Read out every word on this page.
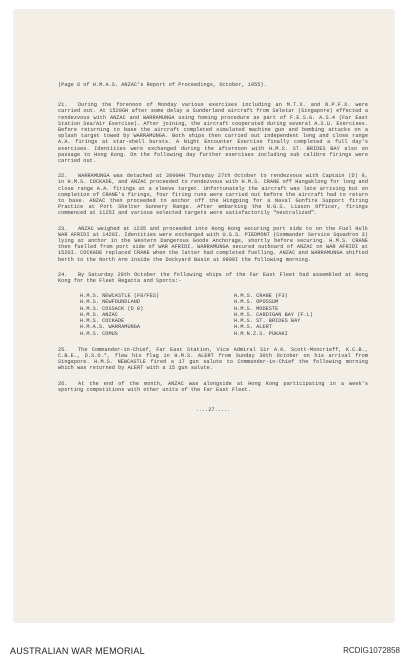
(Page 6 of H.M.A.S. ANZAC's Report of Proceedings, October, 1955).
21. During the forenoon of Monday various exercises including an M.T.X. and N.P.F.X. were carried out. At 1520GH after some delay a Sunderland aircraft from Seletar (Singapore) effected a rendezvous with ANZAC and WARRAMUNGA using homing procedure as part of F.E.S.G. A.S.4 (Far East Station Sea/Air Exercise). After joining, the aircraft cooperated during several A.S.U. Exercises. Before returning to base the aircraft completed simulated machine gun and bombing attacks on a splash target towed by WARRAMUNGA. Both ships then carried out independent long and close range A.A. firings at star-shell bursts. A Night Encounter Exercise finally completed a full day's exercises. Identities were exchanged during the afternoon with H.M.S. ST. BRIDES BAY also on passage to Hong Kong. On the following day further exercises including sub calibre firings were carried out.
22. WARRAMUNGA was detached at 2000HH Thursday 27th October to rendezvous with Captain (D) 8, in H.M.S. COCKADE, and ANZAC proceeded to rendezvous with H.M.S. CRANE off Hangaklong for long and close range A.A. firings at a sleeve target. Unfortunately the aircraft was late arriving but on completion of CRANE's firings, four firing runs were carried out before the aircraft had to return to base. ANZAC then proceeded to anchor off the Hingping for a Naval Gunfire Support firing Practice at Port Shelter Gunnery Range. After embarking the N.G.S. Liason Officer, firings commenced at 1125I and various selected targets were satisfactorily "neutralized".
23. ANZAC weighed at 1235 and proceeded into Hong Kong securing port side to on the Fuel Hulk WAR AFRIDI at 1420I. Identities were exchanged with U.S.S. PIEDMONT (Commander Service Squadron 3) lying at anchor in the Western Dangerous Goods Anchorage, shortly before securing. H.M.S. CRANE then fuelled from port side of WAR AFRIDI. WARRAMUNGA secured outboard of ANZAC on WAR AFRIDI at 1520I. COCKADE replaced CRANE when the latter had completed fuelling. ANZAC and WARRAMUNGA shifted berth to the North Arm inside the Dockyard Basin at 0800I the following morning.
24. By Saturday 29th October the following ships of the Far East Fleet had assembled at Hong Kong for the Fleet Regatta and Sports:-
H.M.S. NEWCASTLE (F8/FES)
H.M.S. NEWFOUNDLAND
H.M.S. COSSACK (D 8)
H.M.S. ANZAC
H.M.S. COCKADE
H.M.A.S. WARRAMUNGA
H.M.S. COMUS
H.M.S. CRANE (F3)
H.M.S. OPOSSUM
H.M.S. MODESTE
H.M.S. CARDIGAN BAY (F.L)
H.M.S. ST. BRIDES BAY
H.M.S. ALERT
H.M.N.Z.S. PUKAKI
25. The Commander-in-Chief, Far East Station, Vice Admiral Sir A.K. Scott-Moncrieff, K.C.B., C.B.E., D.S.O.*, flew his flag in H.M.S. ALERT from Sunday 30th October on his arrival from Singapore. H.M.S. NEWCASTLE fired a 17 gun salute to Commander-in-Chief the following morning which was returned by ALERT with a 15 gun salute.
26. At the end of the month, ANZAC was alongside at Hong Kong participating in a week's sporting competitions with other units of the Far East Fleet.
....27.....
AUSTRALIAN WAR MEMORIAL	RCDIG1072858
